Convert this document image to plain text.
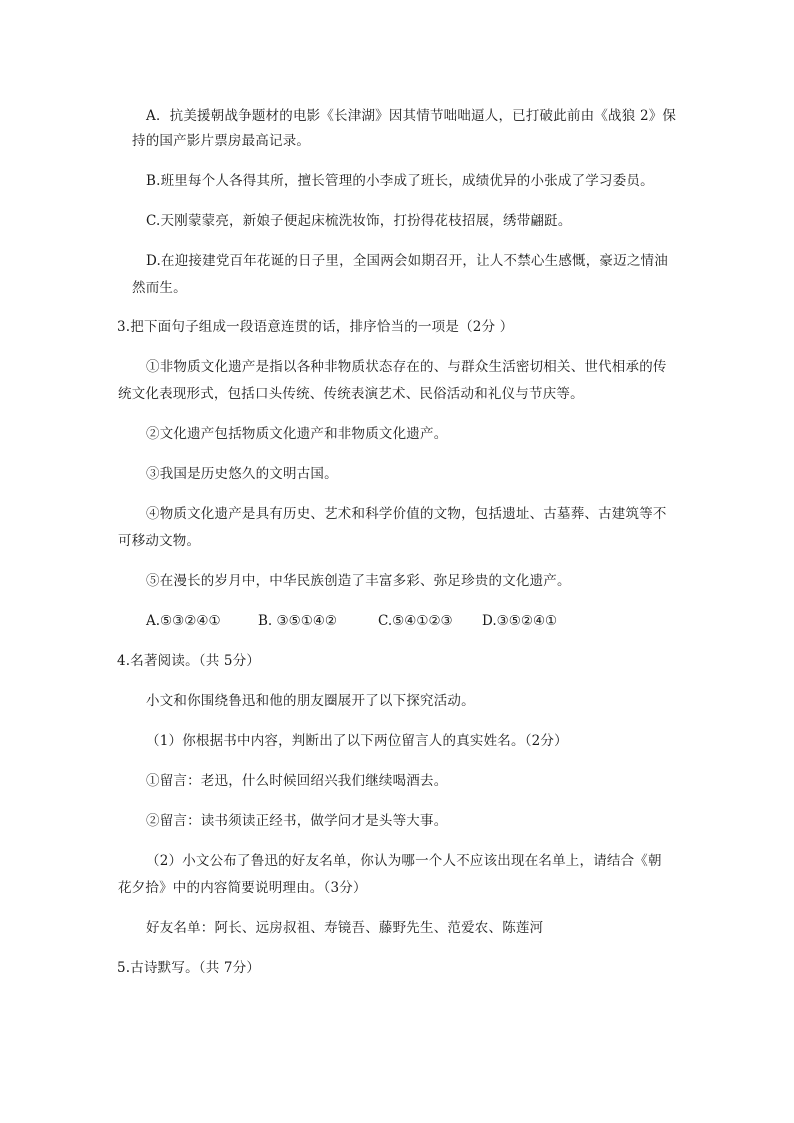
A．抗美援朝战争题材的电影《长津湖》因其情节咄咄逼人，已打破此前由《战狼 2》保
持的国产影片票房最高记录。
B.班里每个人各得其所，擅长管理的小李成了班长，成绩优异的小张成了学习委员。
C.天刚蒙蒙亮，新娘子便起床梳洗妆饰，打扮得花枝招展，绣带翩跹。
D.在迎接建党百年花诞的日子里，全国两会如期召开，让人不禁心生感慨，豪迈之情油
然而生。
3.把下面句子组成一段语意连贯的话，排序恰当的一项是（2分 ）
①非物质文化遗产是指以各种非物质状态存在的、与群众生活密切相关、世代相承的传
统文化表现形式，包括口头传统、传统表演艺术、民俗活动和礼仪与节庆等。
②文化遗产包括物质文化遗产和非物质文化遗产。
③我国是历史悠久的文明古国。
④物质文化遗产是具有历史、艺术和科学价值的文物，包括遗址、古墓葬、古建筑等不
可移动文物。
⑤在漫长的岁月中，中华民族创造了丰富多彩、弥足珍贵的文化遗产。
A.⑤③②④①	B. ③⑤①④②	C.⑤④①②③ D.③⑤②④①
4.名著阅读。（共 5分）
小文和你围绕鲁迅和他的朋友圈展开了以下探究活动。
（1）你根据书中内容，判断出了以下两位留言人的真实姓名。（2分）
①留言：老迅，什么时候回绍兴我们继续喝酒去。
②留言：读书须读正经书，做学问才是头等大事。
（2）小文公布了鲁迅的好友名单，你认为哪一个人不应该出现在名单上，请结合《朝
花夕拾》中的内容简要说明理由。（3分）
好友名单：阿长、远房叔祖、寿镜吾、藤野先生、范爱农、陈莲河
5.古诗默写。（共 7分）
